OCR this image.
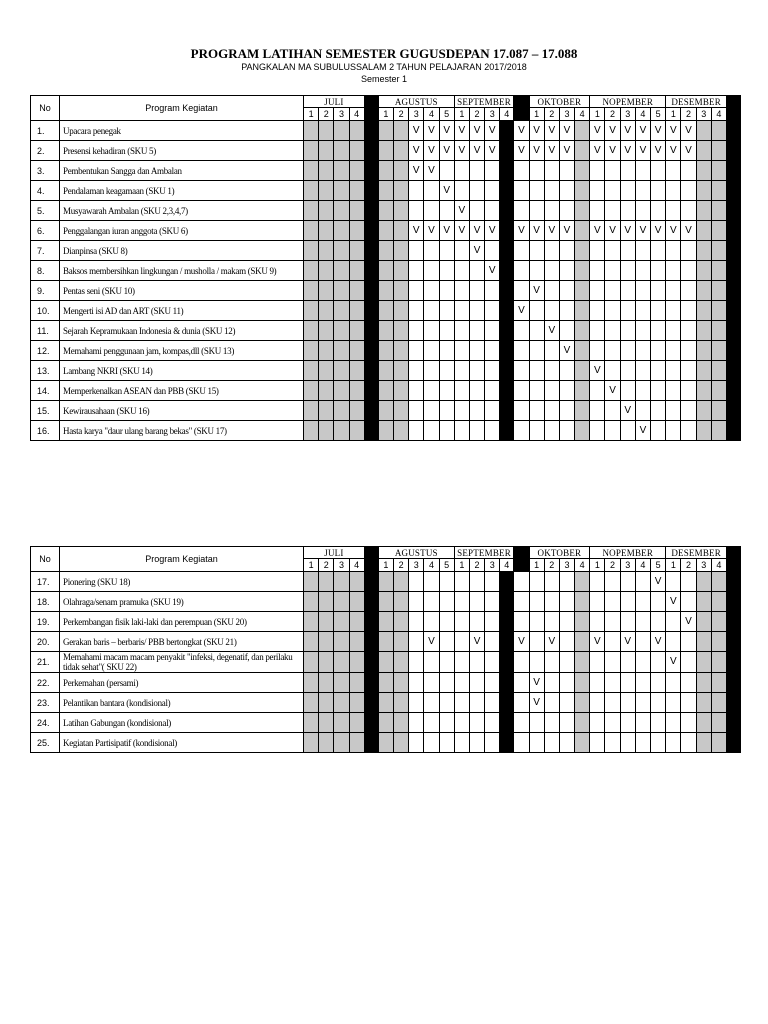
PROGRAM LATIHAN SEMESTER GUGUSDEPAN 17.087 – 17.088
PANGKALAN MA SUBULUSSALAM 2 TAHUN PELAJARAN 2017/2018
Semester 1
No	Program Kegiatan	JULI					AGUSTUS					SEPTEMBER					OKTOBER				NOPEMBER					DESEMBER				
		1	2	3	4		1	2	3	4	5	1	2	3	4		1	2	3	4	1	2	3	4	5	1	2	3	4	
1.	Upacara penegak								V	V	V	V	V	V		V	V	V	V		V	V	V	V	V	V	V			
2.	Presensi kehadiran (SKU 5)								V	V	V	V	V	V		V	V	V	V		V	V	V	V	V	V	V			
3.	Pembentukan Sangga dan Ambalan								V	V																				
4.	Pendalaman keagamaan (SKU 1)										V																			
5.	Musyawarah Ambalan (SKU 2,3,4,7)											V																		
6.	Penggalangan iuran anggota (SKU 6)								V	V	V	V	V	V		V	V	V	V		V	V	V	V	V	V	V			
7.	Dianpinsa (SKU 8)												V																	
8.	Baksos membersihkan lingkungan / musholla / makam (SKU 9)													V																
9.	Pentas seni (SKU 10)																V													
10.	Mengerti isi AD dan ART (SKU 11)															V														
11.	Sejarah Kepramukaan Indonesia & dunia (SKU 12)																	V												
12.	Memahami penggunaan jam, kompas,dll (SKU 13)																		V											
13.	Lambang NKRI (SKU 14)																				V									
14.	Memperkenalkan ASEAN dan PBB (SKU 15)																					V								
15.	Kewirausahaan (SKU 16)																						V							
16.	Hasta karya "daur ulang barang bekas" (SKU 17)																							V						
No	Program Kegiatan	JULI					AGUSTUS					SEPTEMBER					OKTOBER				NOPEMBER					DESEMBER				
		1	2	3	4		1	2	3	4	5	1	2	3	4		1	2	3	4	1	2	3	4	5	1	2	3	4	
17.	Pionering (SKU 18)																								V					
18.	Olahraga/senam pramuka (SKU 19)																									V				
19.	Perkembangan fisik laki-laki dan perempuan (SKU 20)																										V			
20.	Gerakan baris – berbaris/ PBB bertongkat (SKU 21)									V			V			V		V			V		V		V					
21.	Memahami macam macam penyakit "infeksi, degenatif, dan perilaku tidak sehat"( SKU 22)																									V				
22.	Perkemahan (persami)																V													
23.	Pelantikan bantara (kondisional)																V													
24.	Latihan Gabungan (kondisional)																													
25.	Kegiatan Partisipatif (kondisional)																													
